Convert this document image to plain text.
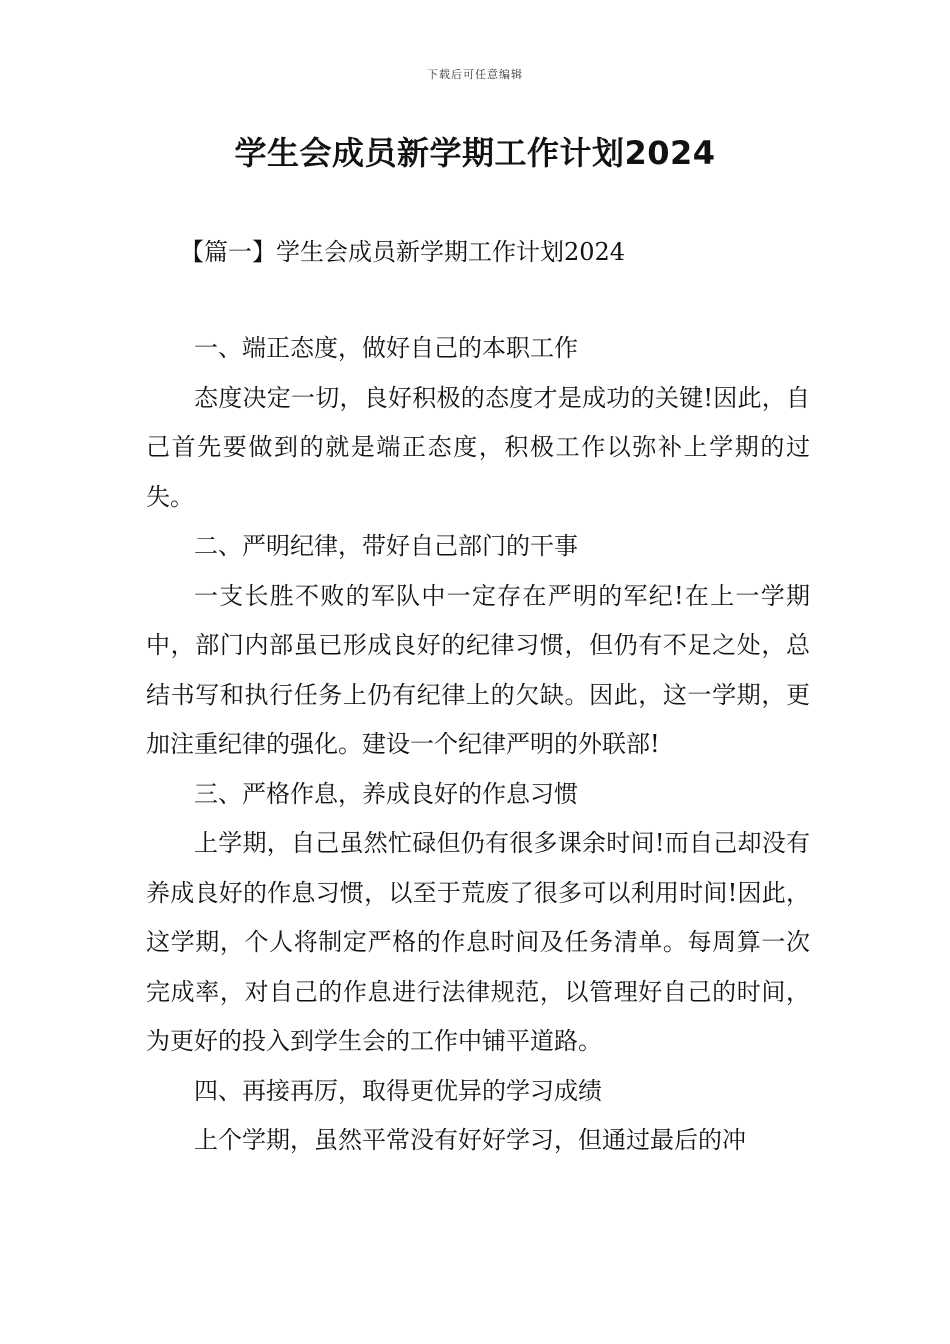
下载后可任意编辑
学生会成员新学期工作计划2024
【篇一】学生会成员新学期工作计划2024

一、端正态度，做好自己的本职工作

态度决定一切，良好积极的态度才是成功的关键!因此，自己首先要做到的就是端正态度，积极工作以弥补上学期的过失。

二、严明纪律，带好自己部门的干事

一支长胜不败的军队中一定存在严明的军纪!在上一学期中，部门内部虽已形成良好的纪律习惯，但仍有不足之处，总结书写和执行任务上仍有纪律上的欠缺。因此，这一学期，更加注重纪律的强化。建设一个纪律严明的外联部!

三、严格作息，养成良好的作息习惯

上学期，自己虽然忙碌但仍有很多课余时间!而自己却没有养成良好的作息习惯，以至于荒废了很多可以利用时间!因此，这学期，个人将制定严格的作息时间及任务清单。每周算一次完成率，对自己的作息进行法律规范，以管理好自己的时间，为更好的投入到学生会的工作中铺平道路。

四、再接再厉，取得更优异的学习成绩

上个学期，虽然平常没有好好学习，但通过最后的冲
